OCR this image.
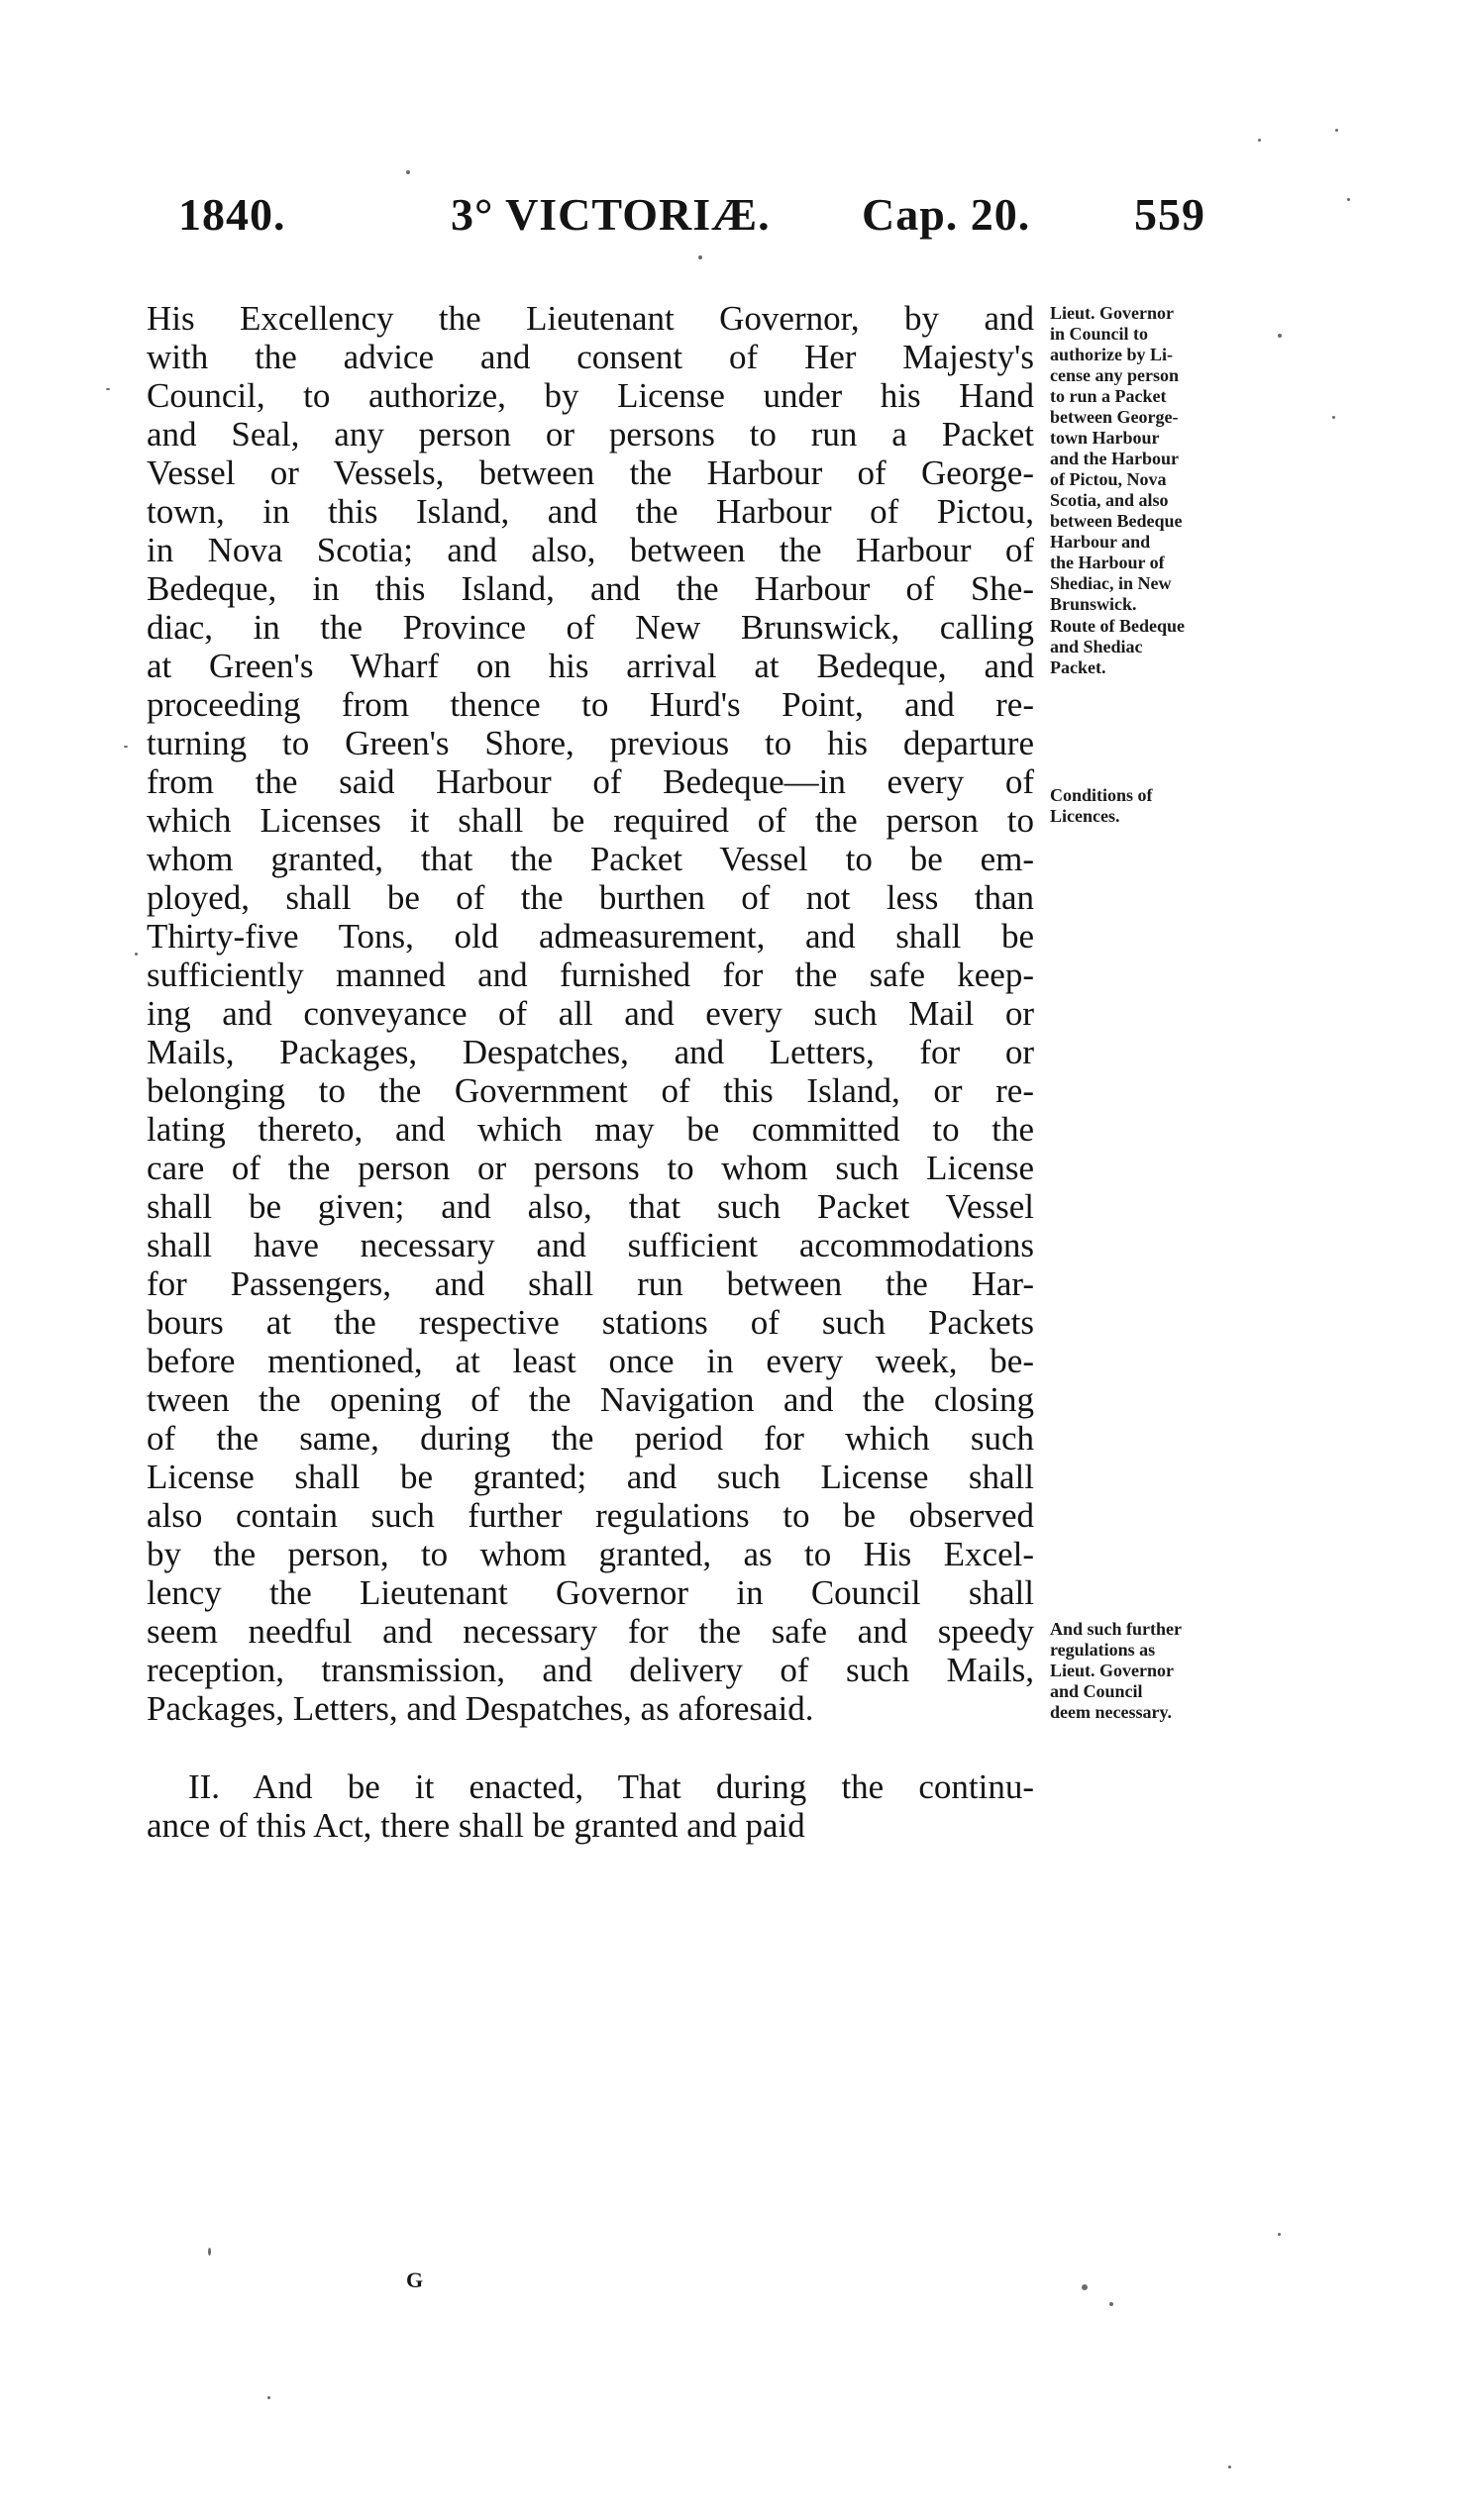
1840.	3° VICTORIÆ. Cap. 20. 559
His Excellency the Lieutenant Governor, by and
with the advice and consent of Her Majesty's
Council, to authorize, by License under his Hand
and Seal, any person or persons to run a Packet
Vessel or Vessels, between the Harbour of George-
town, in this Island, and the Harbour of Pictou,
in Nova Scotia; and also, between the Harbour of
Bedeque, in this Island, and the Harbour of She-
diac, in the Province of New Brunswick, calling
at Green's Wharf on his arrival at Bedeque, and
proceeding from thence to Hurd's Point, and re-
turning to Green's Shore, previous to his departure
from the said Harbour of Bedeque—in every of
which Licenses it shall be required of the person to
whom granted, that the Packet Vessel to be em-
ployed, shall be of the burthen of not less than
Thirty-five Tons, old admeasurement, and shall be
sufficiently manned and furnished for the safe keep-
ing and conveyance of all and every such Mail or
Mails, Packages, Despatches, and Letters, for or
belonging to the Government of this Island, or re-
lating thereto, and which may be committed to the
care of the person or persons to whom such License
shall be given; and also, that such Packet Vessel
shall have necessary and sufficient accommodations
for Passengers, and shall run between the Har-
bours at the respective stations of such Packets
before mentioned, at least once in every week, be-
tween the opening of the Navigation and the closing
of the same, during the period for which such
License shall be granted; and such License shall
also contain such further regulations to be observed
by the person, to whom granted, as to His Excel-
lency the Lieutenant Governor in Council shall
seem needful and necessary for the safe and speedy
reception, transmission, and delivery of such Mails,
Packages, Letters, and Despatches, as aforesaid.
II. And be it enacted, That during the continu-
ance of this Act, there shall be granted and paid
Lieut. Governor
in Council to
authorize by Li-
cense any person
to run a Packet
between George-
town Harbour
and the Harbour
of Pictou, Nova
Scotia, and also
between Bedeque
Harbour and
the Harbour of
Shediac, in New
Brunswick.
Route of Bedeque
and Shediac
Packet.
Conditions of
Licences.
And such further
regulations as
Lieut. Governor
and Council
deem necessary.
G
